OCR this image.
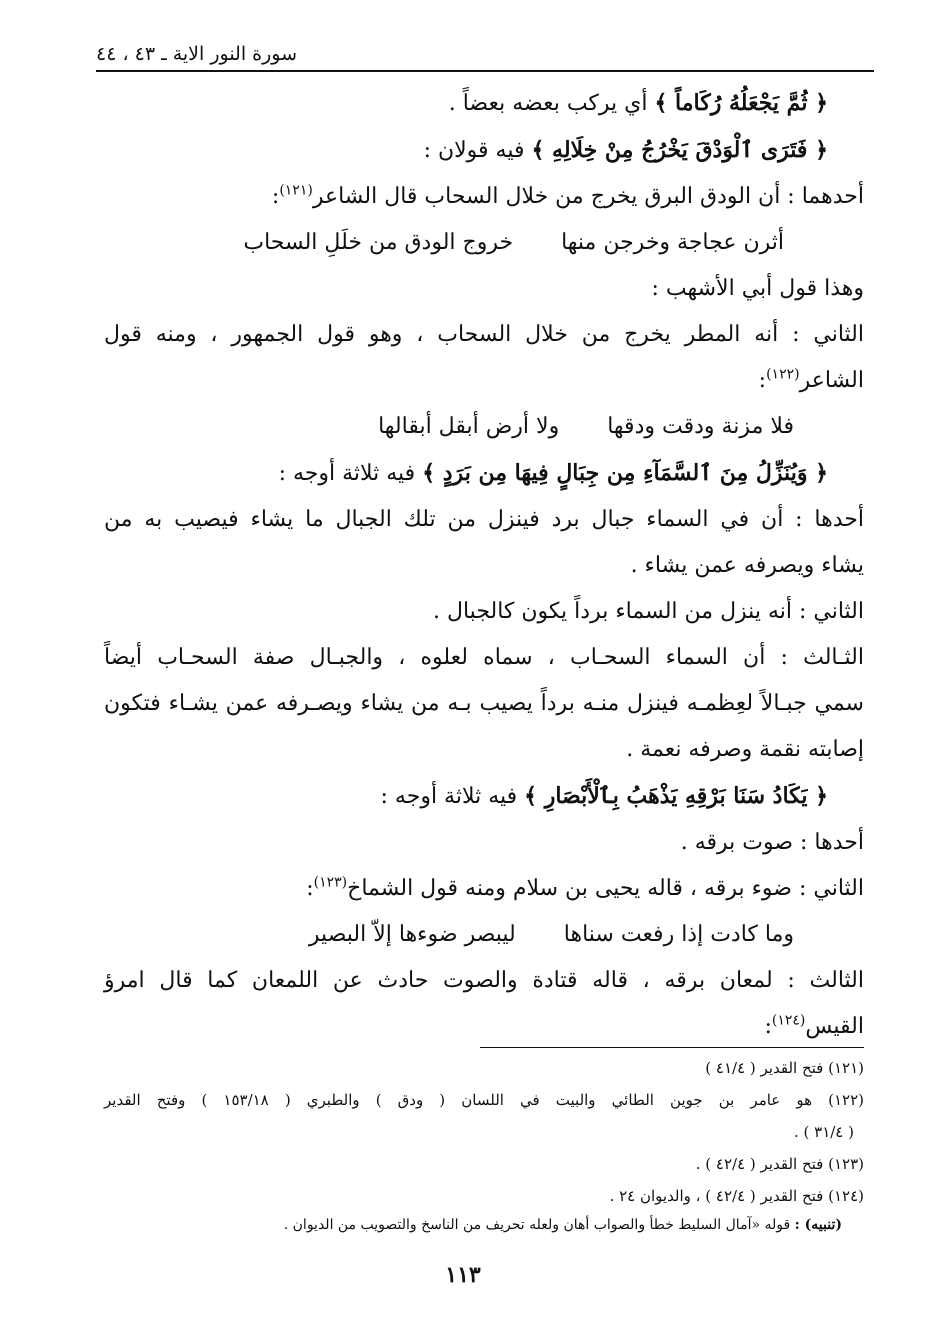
سورة النور الاية ـ ٤٣ ، ٤٤
﴿ ثُمَّ يَجْعَلُهُ رُكَاماً ﴾ أي يركب بعضه بعضاً .
﴿ فَتَرَى ٱلْوَدْقَ يَخْرُجُ مِنْ خِلَالِهِ ﴾ فيه قولان :
أحدهما : أن الودق البرق يخرج من خلال السحاب قال الشاعر$^{(١٢١)}$:
أثرن عجاجة وخرجن منها
خروج الودق من خلَلِ السحاب
وهذا قول أبي الأشهب :
الثاني : أنه المطر يخرج من خلال السحاب ، وهو قول الجمهور ، ومنه قول
الشاعر$^{(١٢٢)}$:
فلا مزنة ودقت ودقها
ولا أرض أبقل أبقالها
﴿ وَيُنَزِّلُ مِنَ ٱلسَّمَآءِ مِن جِبَالٍ فِيهَا مِن بَرَدٍ ﴾ فيه ثلاثة أوجه :
أحدها : أن في السماء جبال برد فينزل من تلك الجبال ما يشاء فيصيب به من
يشاء ويصرفه عمن يشاء .
الثاني : أنه ينزل من السماء برداً يكون كالجبال .
الثـالث : أن السماء السحـاب ، سماه لعلوه ، والجبـال صفة السحـاب أيضاً
سمي جبـالاً لعِظمـه فينزل منـه برداً يصيب بـه من يشاء ويصـرفه عمن يشـاء فتكون
إصابته نقمة وصرفه نعمة .
﴿ يَكَادُ سَنَا بَرْقِهِ يَذْهَبُ بِٱلْأَبْصَارِ ﴾ فيه ثلاثة أوجه :
أحدها : صوت برقه .
الثاني : ضوء برقه ، قاله يحيى بن سلام ومنه قول الشماخ$^{(١٢٣)}$:
وما كادت إذا رفعت سناها
ليبصر ضوءها إلاّ البصير
الثالث : لمعان برقه ، قاله قتادة والصوت حادث عن اللمعان كما قال امرؤ
القيس$^{(١٢٤)}$:
(١٢١) فتح القدير ( ٤١/٤ )
(١٢٢) هو عامر بن جوين الطائي والبيت في اللسان ( ودق ) والطبري ( ١٥٣/١٨ ) وفتح القدير
( ٣١/٤ ) .
(١٢٣) فتح القدير ( ٤٢/٤ ) .
(١٢٤) فتح القدير ( ٤٢/٤ ) ، والديوان ٢٤ .
(تنبيه) : قوله «آمال السليط خطأ والصواب أهان ولعله تحريف من الناسخ والتصويب من الديوان .
١١٣
